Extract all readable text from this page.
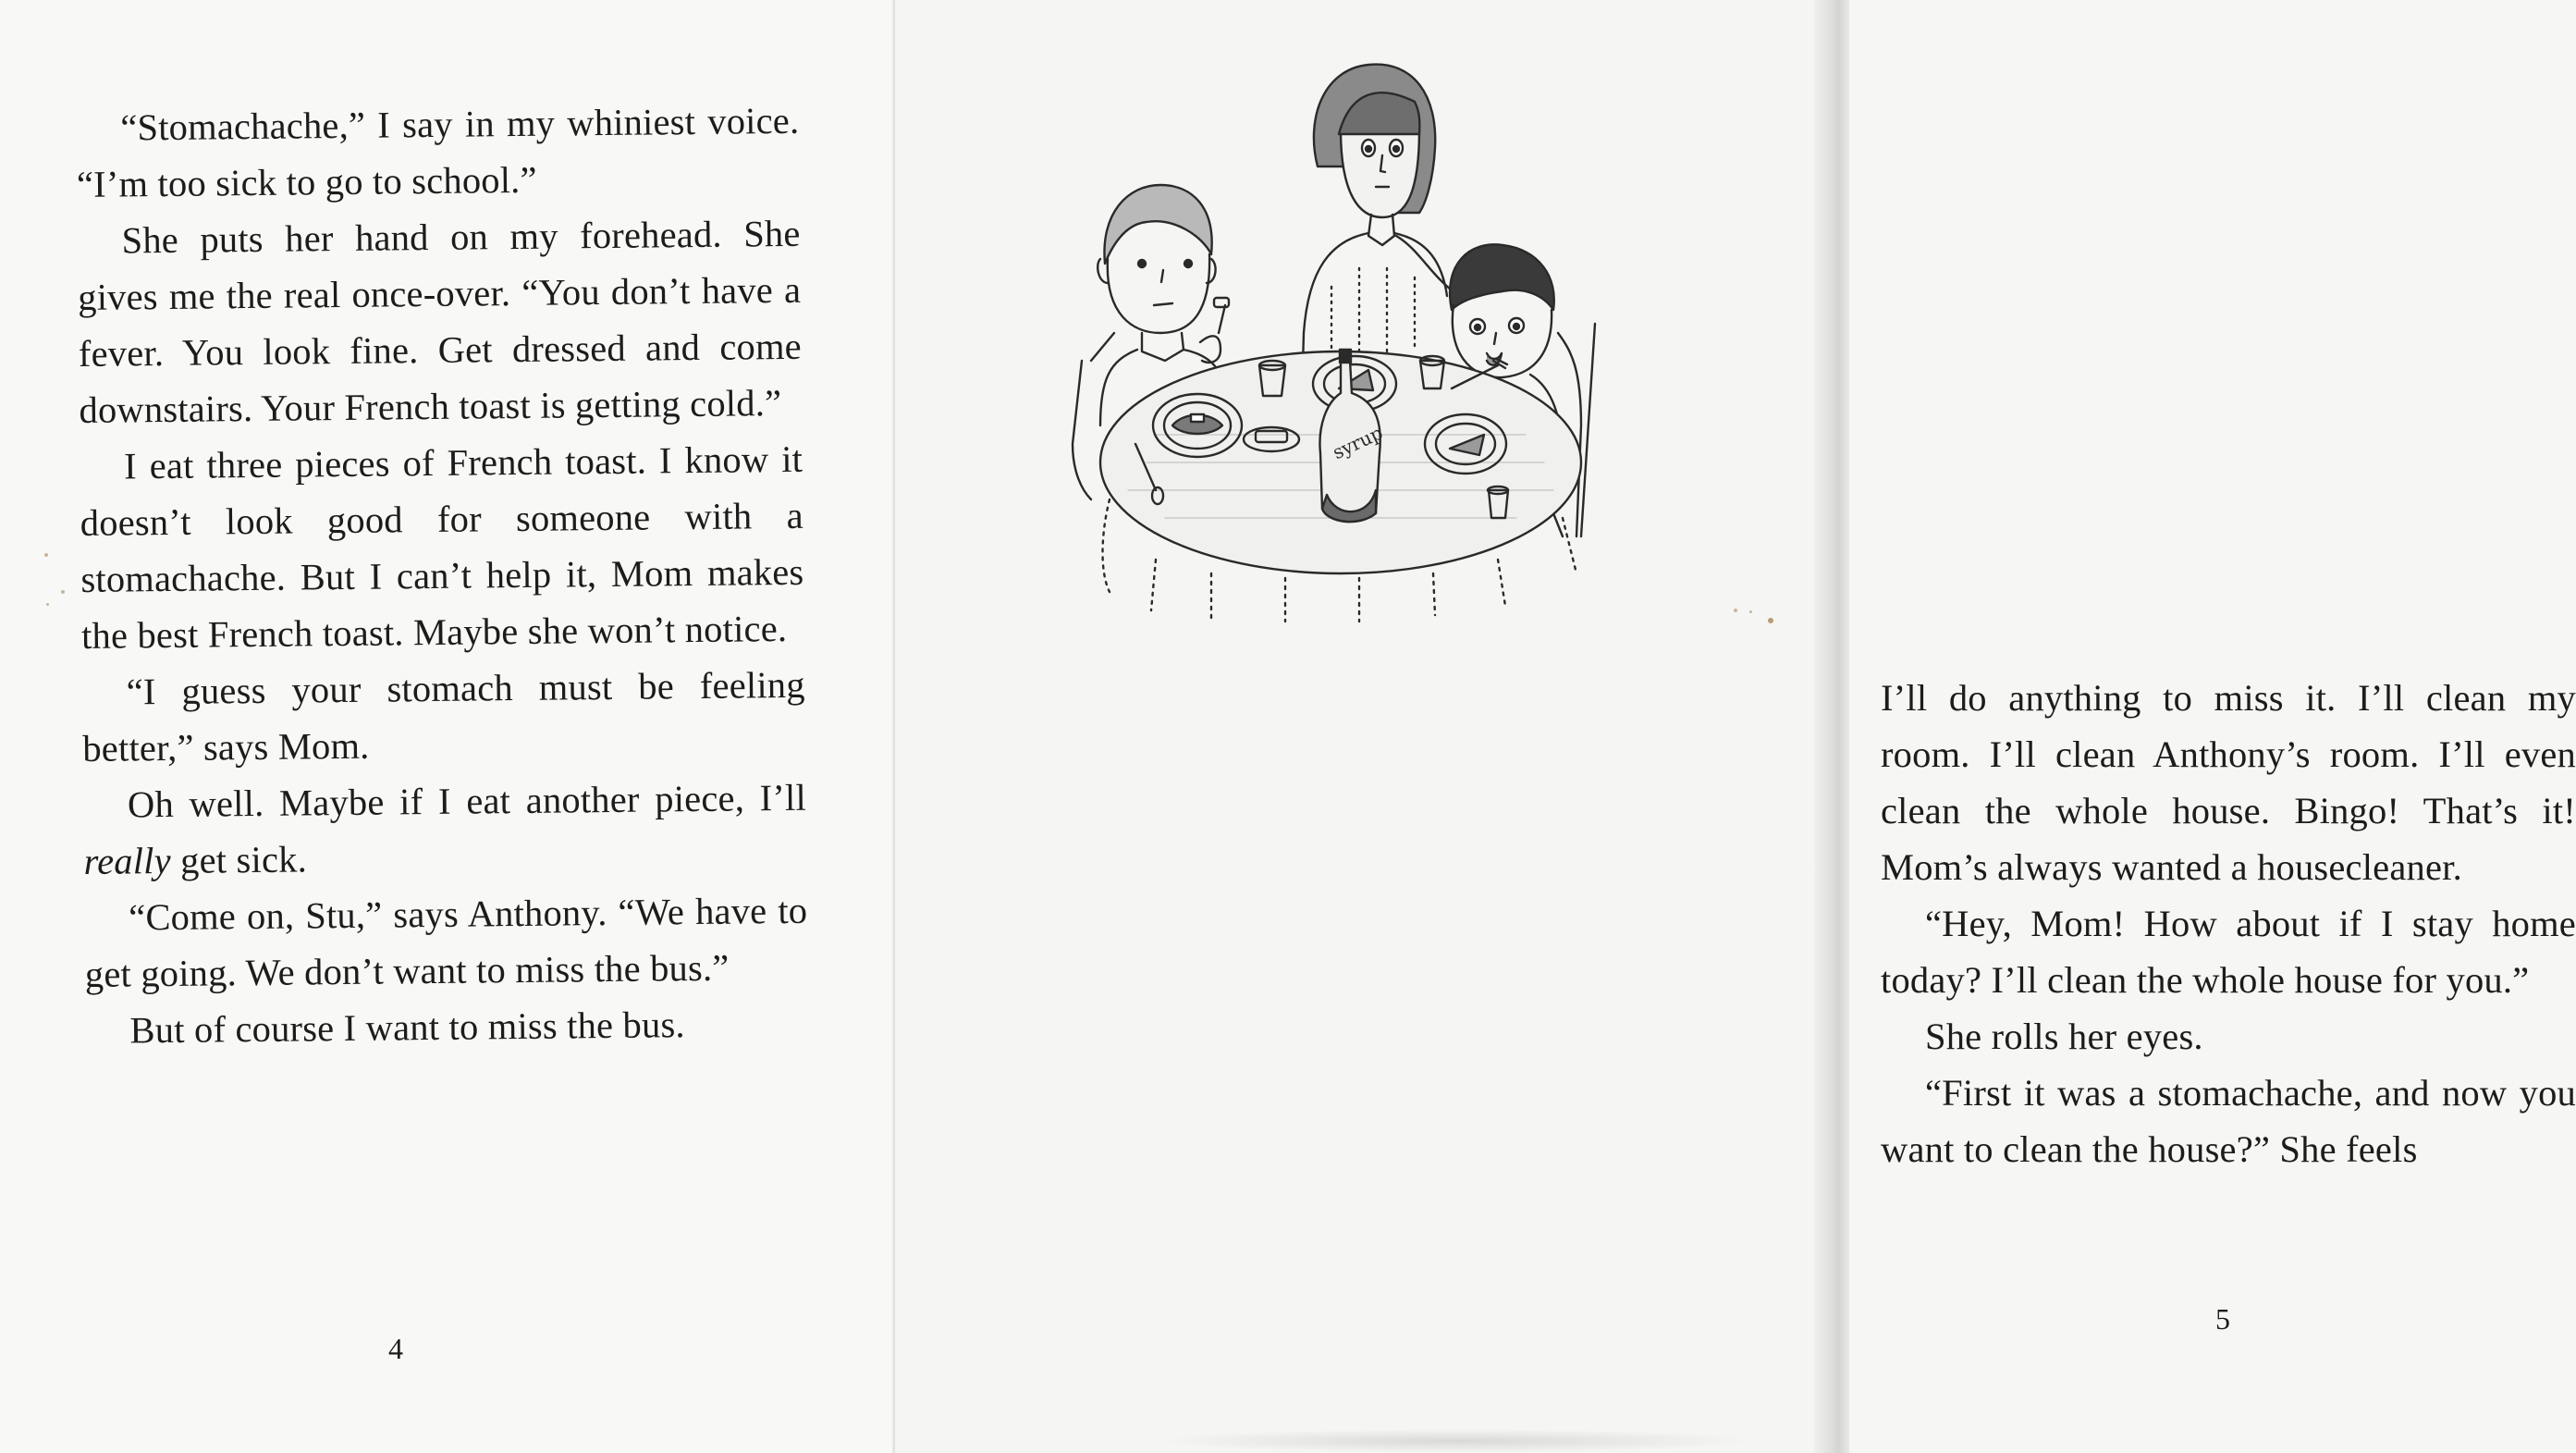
“Stomachache,” I say in my whiniest voice. “I’m too sick to go to school.”

She puts her hand on my forehead. She gives me the real once-over. “You don’t have a fever. You look fine. Get dressed and come downstairs. Your French toast is getting cold.”

I eat three pieces of French toast. I know it doesn’t look good for someone with a stomachache. But I can’t help it, Mom makes the best French toast. Maybe she won’t notice.

“I guess your stomach must be feeling better,” says Mom.

Oh well. Maybe if I eat another piece, I’ll really get sick.

“Come on, Stu,” says Anthony. “We have to get going. We don’t want to miss the bus.”

But of course I want to miss the bus.

4
5

I’ll do anything to miss it. I’ll clean my room. I’ll clean Anthony’s room. I’ll even clean the whole house. Bingo! That’s it! Mom’s always wanted a housecleaner.

“Hey, Mom! How about if I stay home today? I’ll clean the whole house for you.”

She rolls her eyes.

“First it was a stomachache, and now you want to clean the house?” She feels

syrup
